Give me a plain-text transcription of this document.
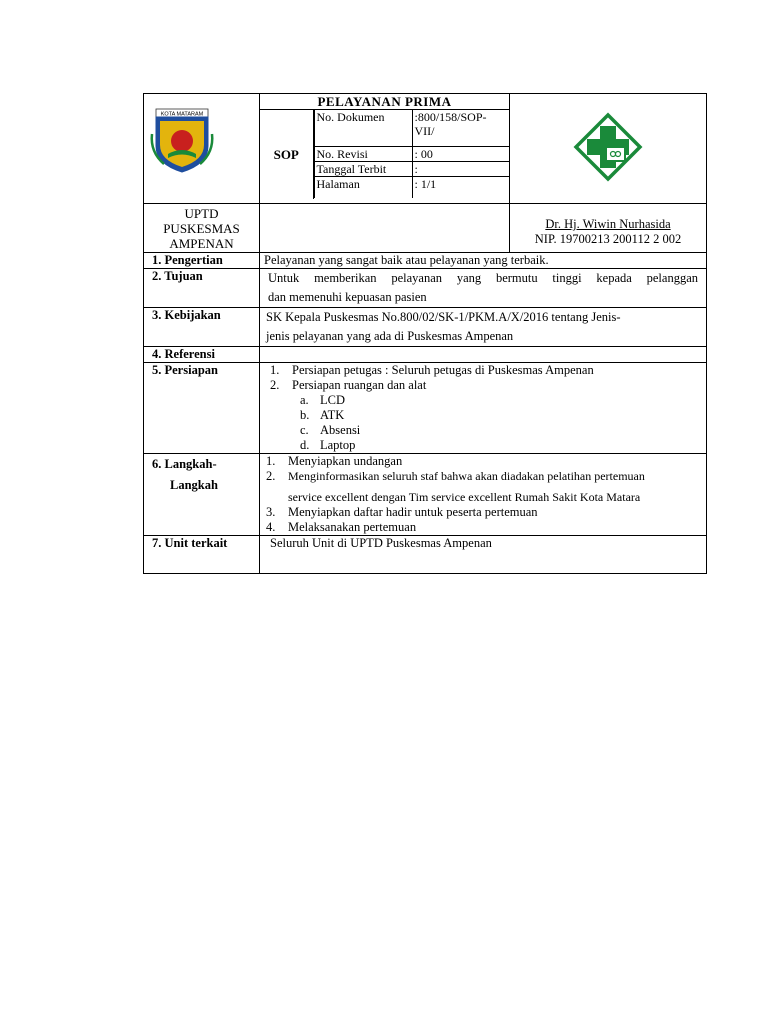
KOTA MATARAM

PELAYANAN PRIMA

SOP	
No. Dokumen	:800/158/SOP-VII/
No. Revisi	: 00
Tanggal Terbit	:
Halaman	: 1/1

UPTD PUSKESMAS AMPENAN		
Dr. Hj. Wiwin Nurhasida
NIP. 19700213 200112 2 002

1. Pengertian	Pelayanan yang sangat baik atau pelayanan yang terbaik.
2. Tujuan	Untuk memberikan pelayanan yang bermutu tinggi kepada pelanggan
dan memenuhi kepuasan pasien

3. Kebijakan	SK Kepala Puskesmas No.800/02/SK-1/PKM.A/X/2016 tentang Jenis-
jenis pelayanan yang ada di Puskesmas Ampenan

4. Referensi	
5. Persiapan	1.	Persiapan petugas : Seluruh petugas di Puskesmas Ampenan
2.	Persiapan ruangan dan alat
a. LCD
b. ATK
c. Absensi
d. Laptop

6. Langkah-
Langkah

1.	Menyiapkan undangan
2.	Menginformasikan seluruh staf bahwa akan diadakan pelatihan pertemuan
service excellent dengan Tim service excellent Rumah Sakit Kota Matara
3.	Menyiapkan daftar hadir untuk peserta pertemuan
4.	Melaksanakan pertemuan

7. Unit terkait	Seluruh Unit di UPTD Puskesmas Ampenan
